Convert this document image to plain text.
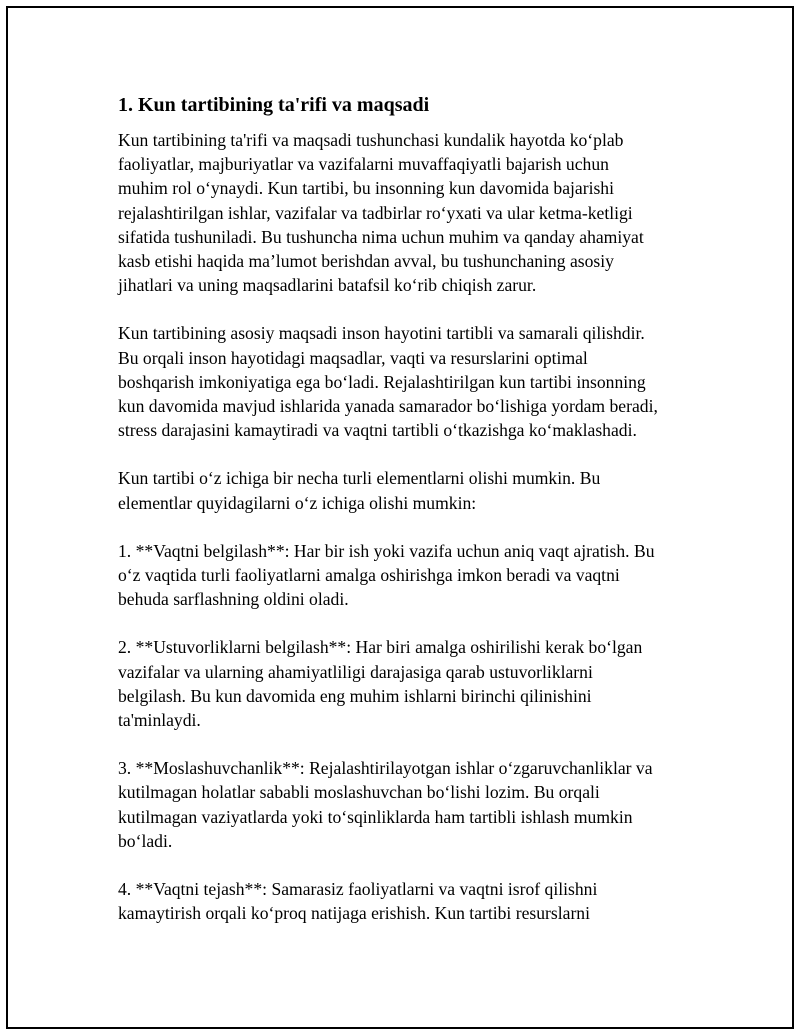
1. Kun tartibining ta'rifi va maqsadi

Kun tartibining ta'rifi va maqsadi tushunchasi kundalik hayotda koʻplab
faoliyatlar, majburiyatlar va vazifalarni muvaffaqiyatli bajarish uchun
muhim rol oʻynaydi. Kun tartibi, bu insonning kun davomida bajarishi
rejalashtirilgan ishlar, vazifalar va tadbirlar roʻyxati va ular ketma-ketligi
sifatida tushuniladi. Bu tushuncha nima uchun muhim va qanday ahamiyat
kasb etishi haqida ma’lumot berishdan avval, bu tushunchaning asosiy
jihatlari va uning maqsadlarini batafsil koʻrib chiqish zarur.

Kun tartibining asosiy maqsadi inson hayotini tartibli va samarali qilishdir.
Bu orqali inson hayotidagi maqsadlar, vaqti va resurslarini optimal
boshqarish imkoniyatiga ega boʻladi. Rejalashtirilgan kun tartibi insonning
kun davomida mavjud ishlarida yanada samarador boʻlishiga yordam beradi,
stress darajasini kamaytiradi va vaqtni tartibli oʻtkazishga koʻmaklashadi.

Kun tartibi oʻz ichiga bir necha turli elementlarni olishi mumkin. Bu
elementlar quyidagilarni oʻz ichiga olishi mumkin:

1. **Vaqtni belgilash**: Har bir ish yoki vazifa uchun aniq vaqt ajratish. Bu
oʻz vaqtida turli faoliyatlarni amalga oshirishga imkon beradi va vaqtni
behuda sarflashning oldini oladi.

2. **Ustuvorliklarni belgilash**: Har biri amalga oshirilishi kerak boʻlgan
vazifalar va ularning ahamiyatliligi darajasiga qarab ustuvorliklarni
belgilash. Bu kun davomida eng muhim ishlarni birinchi qilinishini
ta'minlaydi.

3. **Moslashuvchanlik**: Rejalashtirilayotgan ishlar oʻzgaruvchanliklar va
kutilmagan holatlar sababli moslashuvchan boʻlishi lozim. Bu orqali
kutilmagan vaziyatlarda yoki toʻsqinliklarda ham tartibli ishlash mumkin
boʻladi.

4. **Vaqtni tejash**: Samarasiz faoliyatlarni va vaqtni isrof qilishni
kamaytirish orqali koʻproq natijaga erishish. Kun tartibi resurslarni
